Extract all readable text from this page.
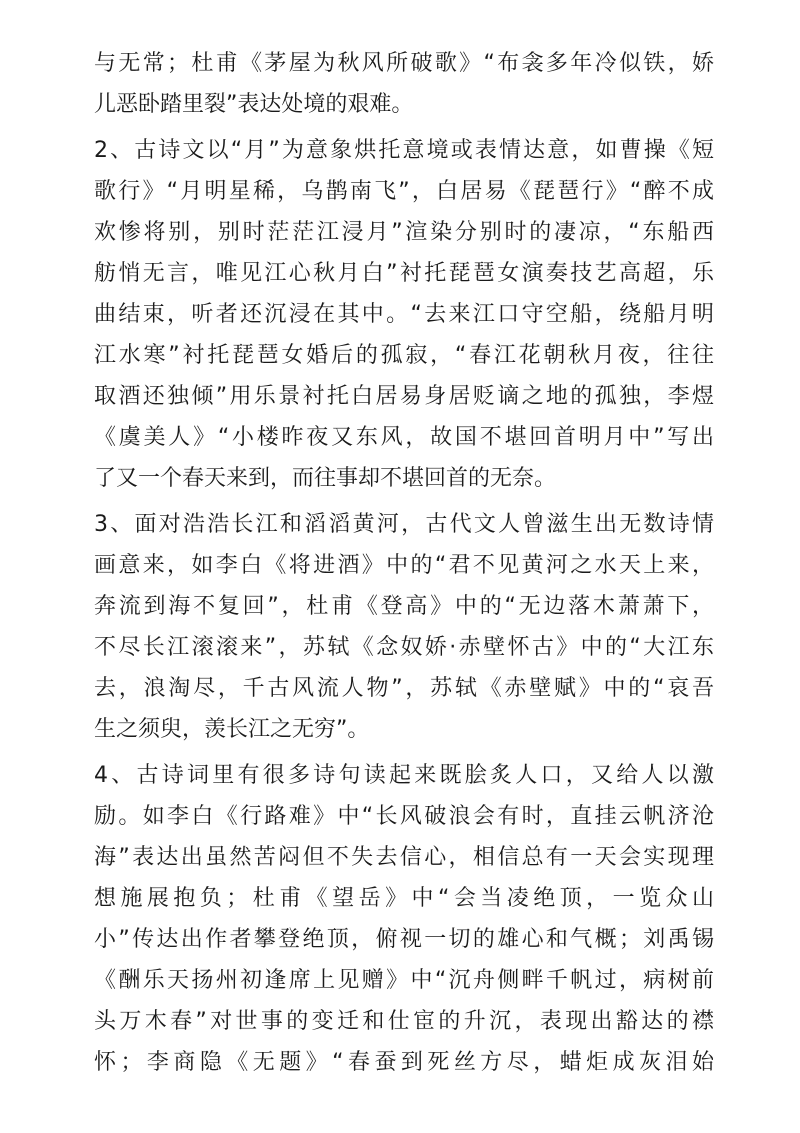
与无常；杜甫《茅屋为秋风所破歌》“布衾多年冷似铁，娇
儿恶卧踏里裂”表达处境的艰难。
2、古诗文以“月”为意象烘托意境或表情达意，如曹操《短
歌行》“月明星稀，乌鹊南飞”，白居易《琵琶行》“醉不成
欢惨将别，别时茫茫江浸月”渲染分别时的凄凉，“东船西
舫悄无言，唯见江心秋月白”衬托琵琶女演奏技艺高超，乐
曲结束，听者还沉浸在其中。“去来江口守空船，绕船月明
江水寒”衬托琵琶女婚后的孤寂，“春江花朝秋月夜，往往
取酒还独倾”用乐景衬托白居易身居贬谪之地的孤独，李煜
《虞美人》“小楼昨夜又东风，故国不堪回首明月中”写出
了又一个春天来到，而往事却不堪回首的无奈。
3、面对浩浩长江和滔滔黄河，古代文人曾滋生出无数诗情
画意来，如李白《将进酒》中的“君不见黄河之水天上来，
奔流到海不复回”，杜甫《登高》中的“无边落木萧萧下，
不尽长江滚滚来”，苏轼《念奴娇·赤壁怀古》中的“大江东
去，浪淘尽，千古风流人物”，苏轼《赤壁赋》中的“哀吾
生之须臾，羡长江之无穷”。
4、古诗词里有很多诗句读起来既脍炙人口，又给人以激
励。如李白《行路难》中“长风破浪会有时，直挂云帆济沧
海”表达出虽然苦闷但不失去信心，相信总有一天会实现理
想施展抱负；杜甫《望岳》中“会当凌绝顶，一览众山
小”传达出作者攀登绝顶，俯视一切的雄心和气概；刘禹锡
《酬乐天扬州初逢席上见赠》中“沉舟侧畔千帆过，病树前
头万木春”对世事的变迁和仕宦的升沉，表现出豁达的襟
怀；李商隐《无题》“春蚕到死丝方尽，蜡炬成灰泪始
